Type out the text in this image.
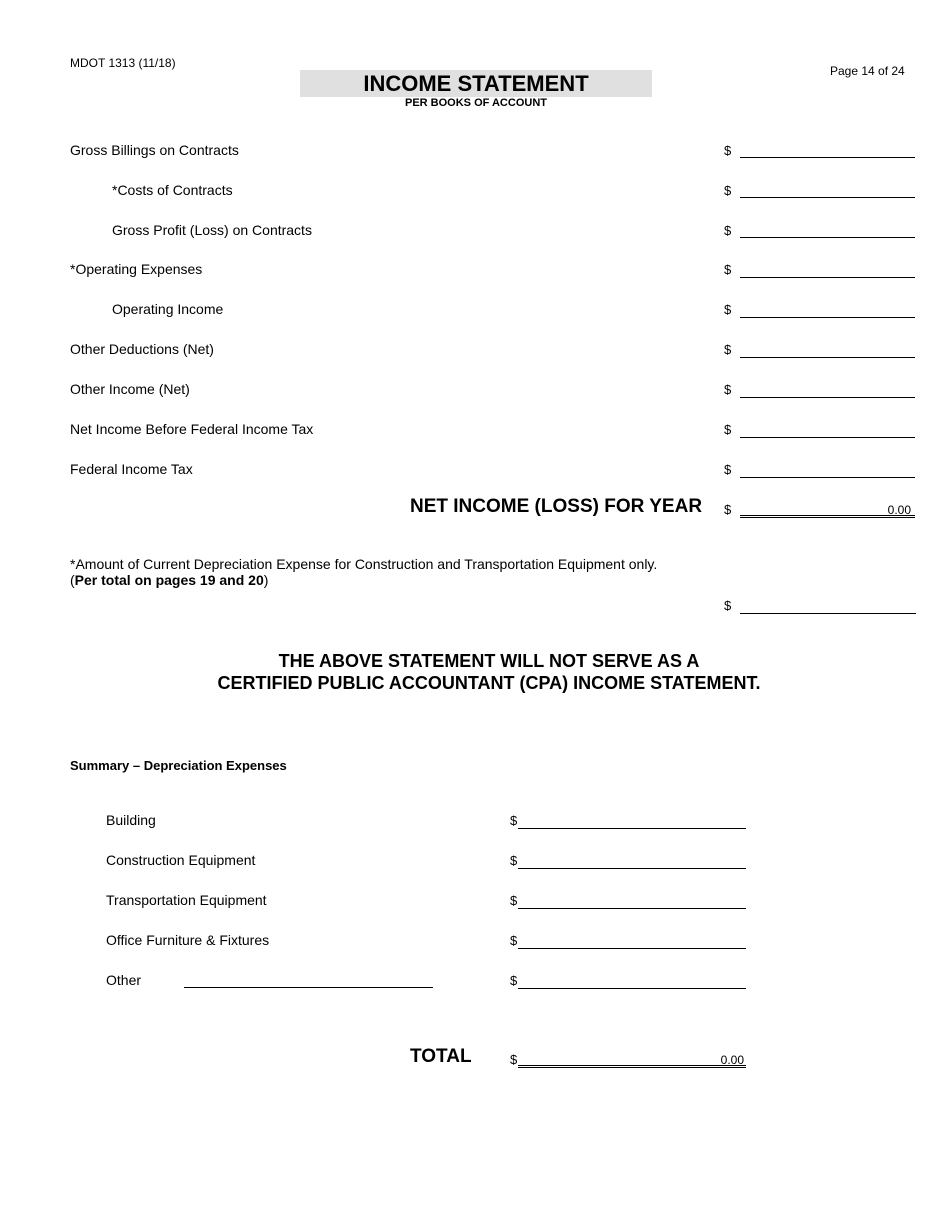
MDOT 1313 (11/18)
Page 14 of 24
INCOME STATEMENT
PER BOOKS OF ACCOUNT
Gross Billings on Contracts	$
*Costs of Contracts	$
Gross Profit (Loss) on Contracts	$
*Operating Expenses	$
Operating Income	$
Other Deductions (Net)	$
Other Income (Net)	$
Net Income Before Federal Income Tax	$
Federal Income Tax	$
NET INCOME (LOSS) FOR YEAR $	0.00
*Amount of Current Depreciation Expense for Construction and Transportation Equipment only.
(Per total on pages 19 and 20)
$
THE ABOVE STATEMENT WILL NOT SERVE AS A
CERTIFIED PUBLIC ACCOUNTANT (CPA) INCOME STATEMENT.
Summary – Depreciation Expenses
Building	$
Construction Equipment	$
Transportation Equipment	$
Office Furniture & Fixtures	$
Other	$
TOTAL	$	0.00
